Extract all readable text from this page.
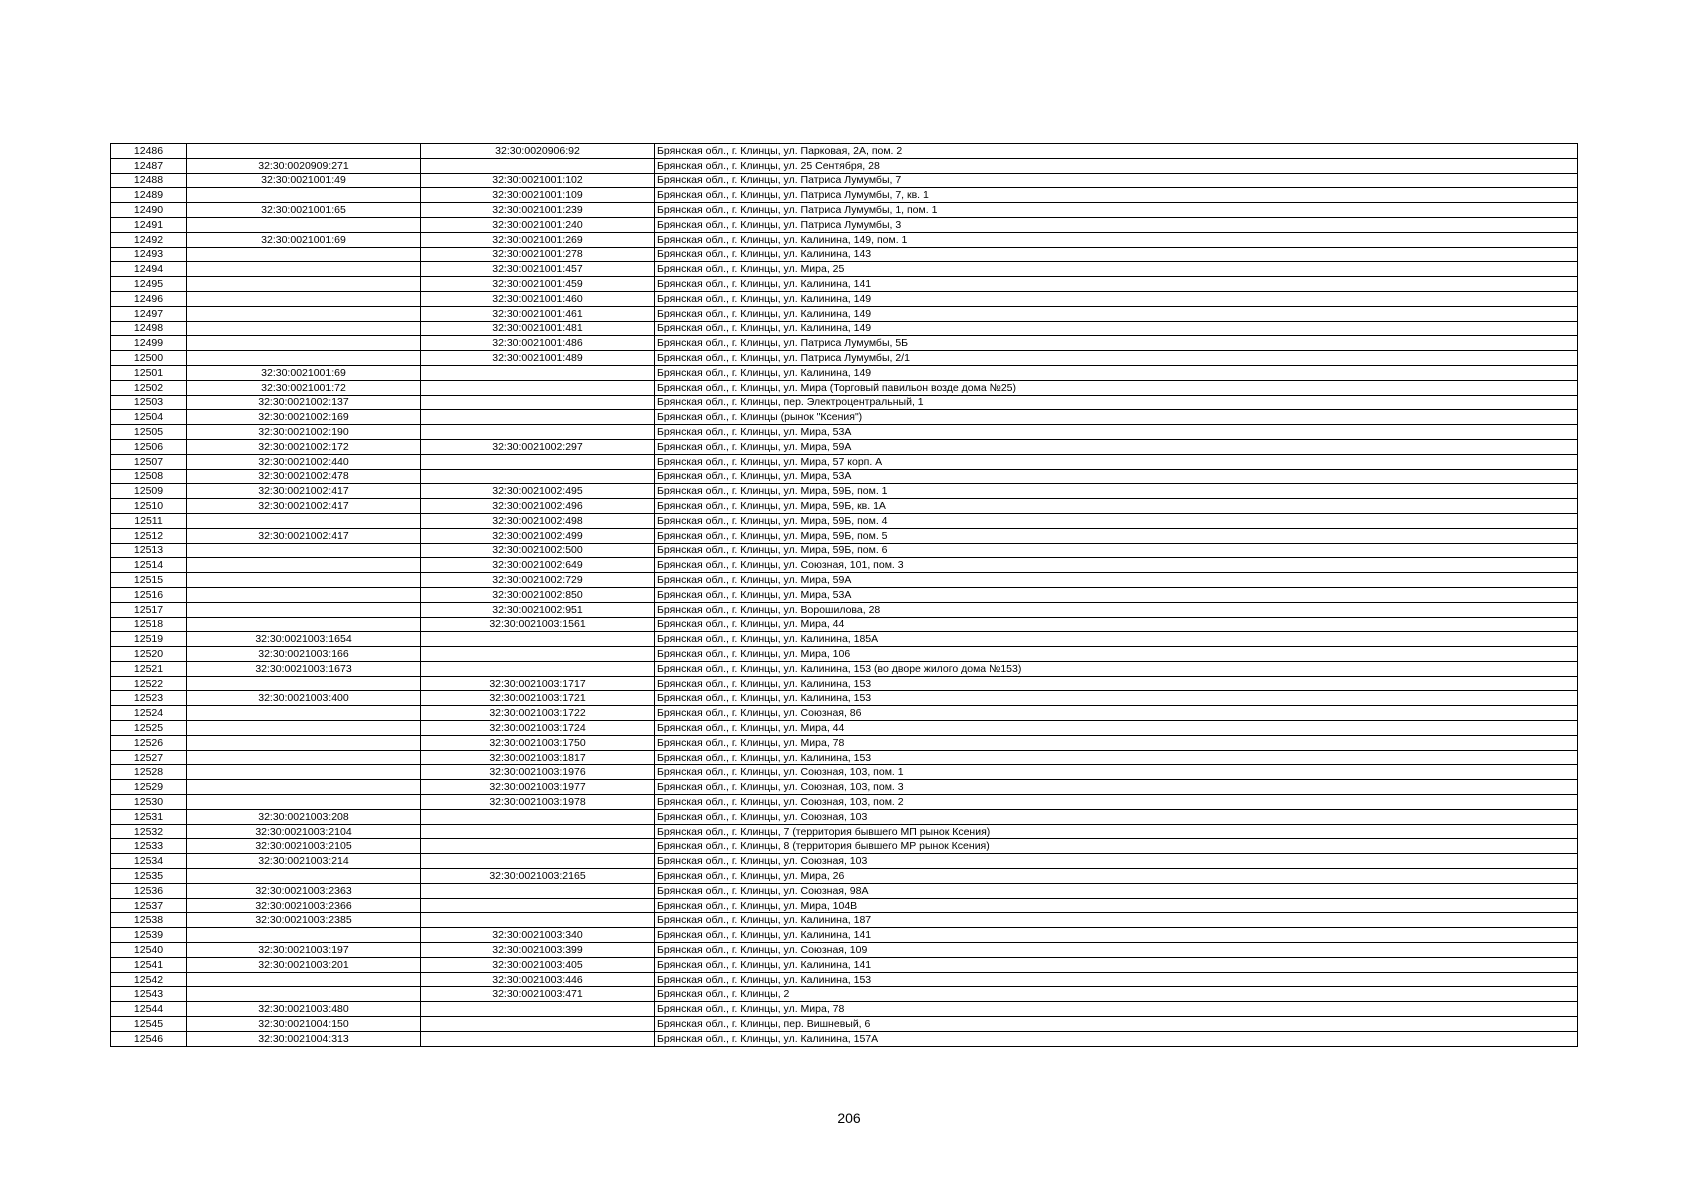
12486		32:30:0020906:92	Брянская обл., г. Клинцы, ул. Парковая, 2А, пом. 2
12487	32:30:0020909:271		Брянская обл., г. Клинцы, ул. 25 Сентября, 28
12488	32:30:0021001:49	32:30:0021001:102	Брянская обл., г. Клинцы, ул. Патриса Лумумбы, 7
12489		32:30:0021001:109	Брянская обл., г. Клинцы, ул. Патриса Лумумбы, 7, кв. 1
12490	32:30:0021001:65	32:30:0021001:239	Брянская обл., г. Клинцы, ул. Патриса Лумумбы, 1, пом. 1
12491		32:30:0021001:240	Брянская обл., г. Клинцы, ул. Патриса Лумумбы, 3
12492	32:30:0021001:69	32:30:0021001:269	Брянская обл., г. Клинцы, ул. Калинина, 149, пом. 1
12493		32:30:0021001:278	Брянская обл., г. Клинцы, ул. Калинина, 143
12494		32:30:0021001:457	Брянская обл., г. Клинцы, ул. Мира, 25
12495		32:30:0021001:459	Брянская обл., г. Клинцы, ул. Калинина, 141
12496		32:30:0021001:460	Брянская обл., г. Клинцы, ул. Калинина, 149
12497		32:30:0021001:461	Брянская обл., г. Клинцы, ул. Калинина, 149
12498		32:30:0021001:481	Брянская обл., г. Клинцы, ул. Калинина, 149
12499		32:30:0021001:486	Брянская обл., г. Клинцы, ул. Патриса Лумумбы, 5Б
12500		32:30:0021001:489	Брянская обл., г. Клинцы, ул. Патриса Лумумбы, 2/1
12501	32:30:0021001:69		Брянская обл., г. Клинцы, ул. Калинина, 149
12502	32:30:0021001:72		Брянская обл., г. Клинцы, ул. Мира (Торговый павильон возде дома №25)
12503	32:30:0021002:137		Брянская обл., г. Клинцы, пер. Электроцентральный, 1
12504	32:30:0021002:169		Брянская обл., г. Клинцы (рынок "Ксения")
12505	32:30:0021002:190		Брянская обл., г. Клинцы, ул. Мира, 53А
12506	32:30:0021002:172	32:30:0021002:297	Брянская обл., г. Клинцы, ул. Мира, 59А
12507	32:30:0021002:440		Брянская обл., г. Клинцы, ул. Мира, 57 корп. А
12508	32:30:0021002:478		Брянская обл., г. Клинцы, ул. Мира, 53А
12509	32:30:0021002:417	32:30:0021002:495	Брянская обл., г. Клинцы, ул. Мира, 59Б, пом. 1
12510	32:30:0021002:417	32:30:0021002:496	Брянская обл., г. Клинцы, ул. Мира, 59Б, кв. 1А
12511		32:30:0021002:498	Брянская обл., г. Клинцы, ул. Мира, 59Б, пом. 4
12512	32:30:0021002:417	32:30:0021002:499	Брянская обл., г. Клинцы, ул. Мира, 59Б, пом. 5
12513		32:30:0021002:500	Брянская обл., г. Клинцы, ул. Мира, 59Б, пом. 6
12514		32:30:0021002:649	Брянская обл., г. Клинцы, ул. Союзная, 101, пом. 3
12515		32:30:0021002:729	Брянская обл., г. Клинцы, ул. Мира, 59А
12516		32:30:0021002:850	Брянская обл., г. Клинцы, ул. Мира, 53А
12517		32:30:0021002:951	Брянская обл., г. Клинцы, ул. Ворошилова, 28
12518		32:30:0021003:1561	Брянская обл., г. Клинцы, ул. Мира, 44
12519	32:30:0021003:1654		Брянская обл., г. Клинцы, ул. Калинина, 185А
12520	32:30:0021003:166		Брянская обл., г. Клинцы, ул. Мира, 106
12521	32:30:0021003:1673		Брянская обл., г. Клинцы, ул. Калинина, 153 (во дворе жилого дома №153)
12522		32:30:0021003:1717	Брянская обл., г. Клинцы, ул. Калинина, 153
12523	32:30:0021003:400	32:30:0021003:1721	Брянская обл., г. Клинцы, ул. Калинина, 153
12524		32:30:0021003:1722	Брянская обл., г. Клинцы, ул. Союзная, 86
12525		32:30:0021003:1724	Брянская обл., г. Клинцы, ул. Мира, 44
12526		32:30:0021003:1750	Брянская обл., г. Клинцы, ул. Мира, 78
12527		32:30:0021003:1817	Брянская обл., г. Клинцы, ул. Калинина, 153
12528		32:30:0021003:1976	Брянская обл., г. Клинцы, ул. Союзная, 103, пом. 1
12529		32:30:0021003:1977	Брянская обл., г. Клинцы, ул. Союзная, 103, пом. 3
12530		32:30:0021003:1978	Брянская обл., г. Клинцы, ул. Союзная, 103, пом. 2
12531	32:30:0021003:208		Брянская обл., г. Клинцы, ул. Союзная, 103
12532	32:30:0021003:2104		Брянская обл., г. Клинцы, 7 (территория бывшего МП рынок Ксения)
12533	32:30:0021003:2105		Брянская обл., г. Клинцы, 8 (территория бывшего МР рынок Ксения)
12534	32:30:0021003:214		Брянская обл., г. Клинцы, ул. Союзная, 103
12535		32:30:0021003:2165	Брянская обл., г. Клинцы, ул. Мира, 26
12536	32:30:0021003:2363		Брянская обл., г. Клинцы, ул. Союзная, 98А
12537	32:30:0021003:2366		Брянская обл., г. Клинцы, ул. Мира, 104В
12538	32:30:0021003:2385		Брянская обл., г. Клинцы, ул. Калинина, 187
12539		32:30:0021003:340	Брянская обл., г. Клинцы, ул. Калинина, 141
12540	32:30:0021003:197	32:30:0021003:399	Брянская обл., г. Клинцы, ул. Союзная, 109
12541	32:30:0021003:201	32:30:0021003:405	Брянская обл., г. Клинцы, ул. Калинина, 141
12542		32:30:0021003:446	Брянская обл., г. Клинцы, ул. Калинина, 153
12543		32:30:0021003:471	Брянская обл., г. Клинцы, 2
12544	32:30:0021003:480		Брянская обл., г. Клинцы, ул. Мира, 78
12545	32:30:0021004:150		Брянская обл., г. Клинцы, пер. Вишневый, 6
12546	32:30:0021004:313		Брянская обл., г. Клинцы, ул. Калинина, 157А
206
